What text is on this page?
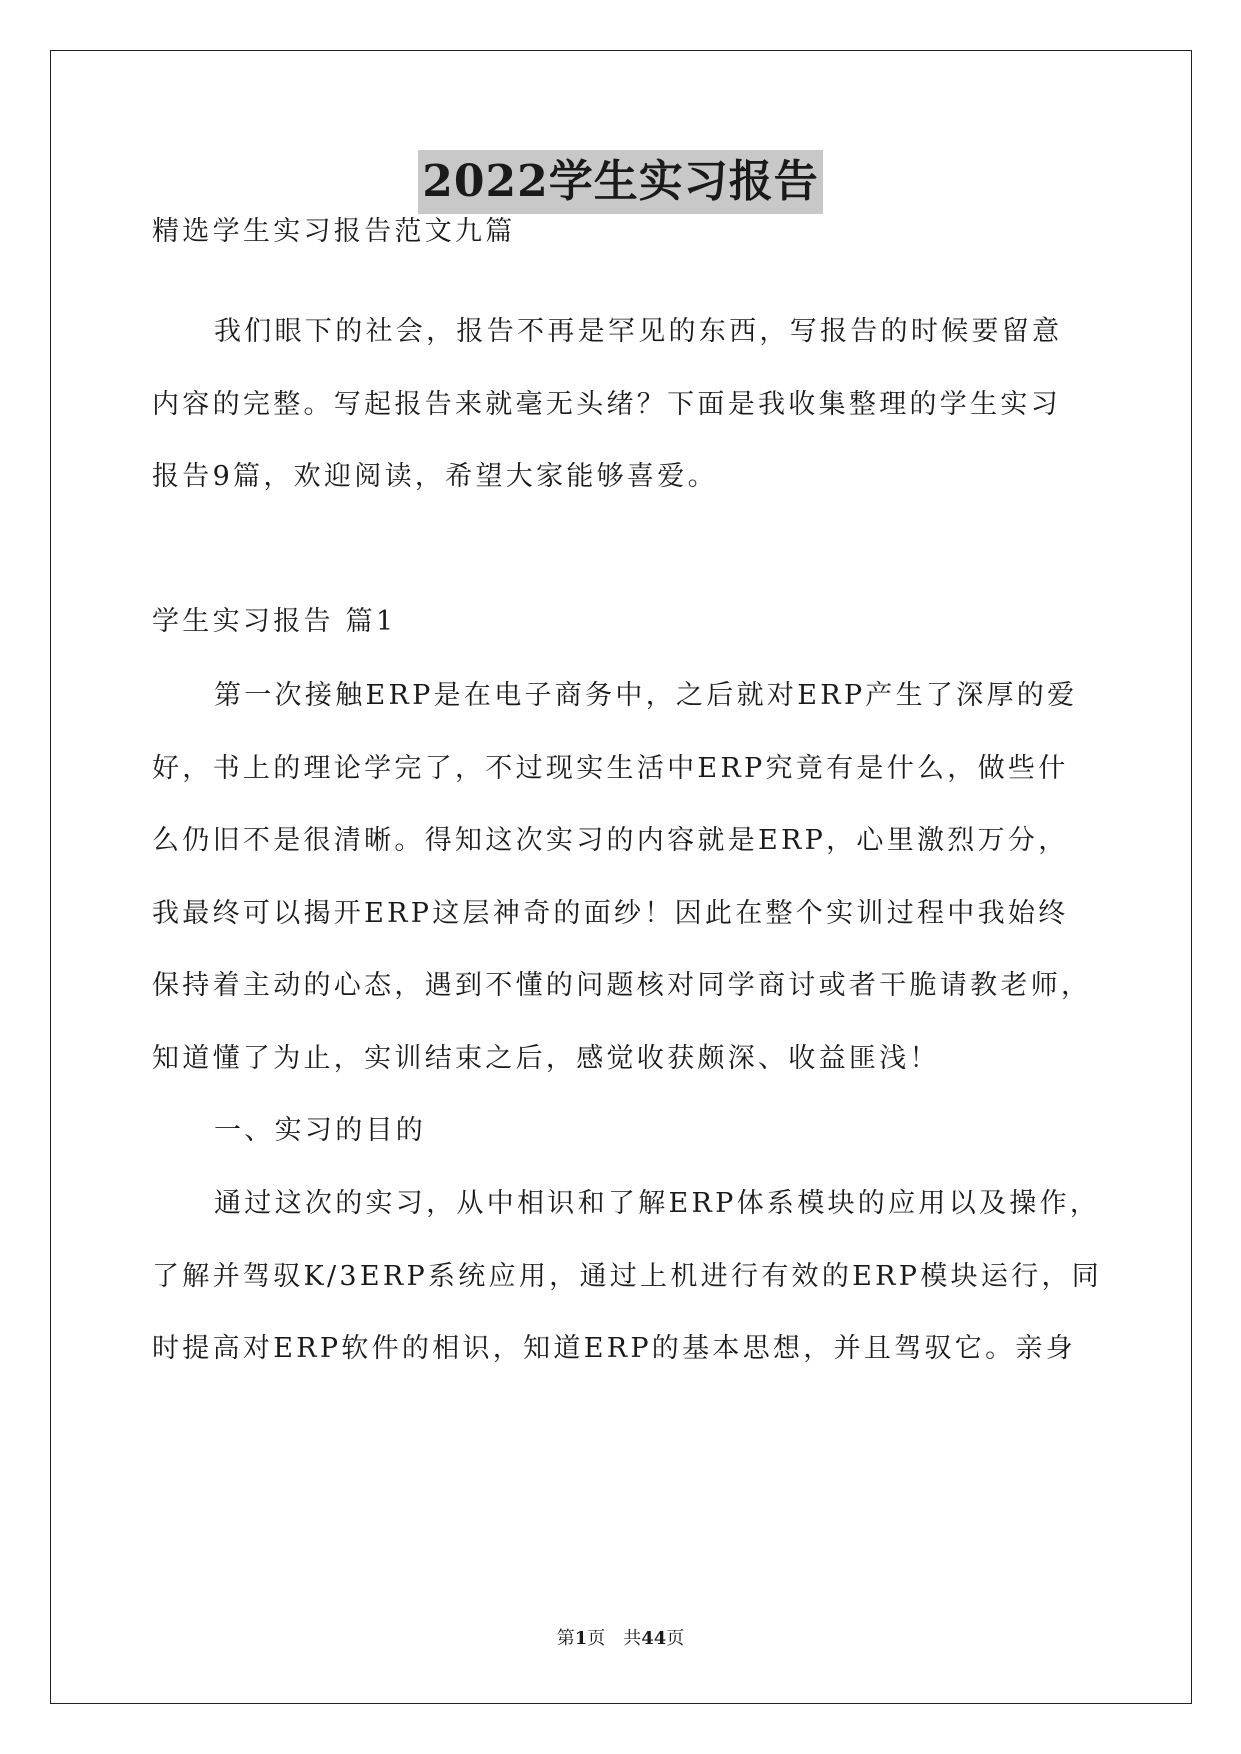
2022学生实习报告
精选学生实习报告范文九篇
我们眼下的社会，报告不再是罕见的东西，写报告的时候要留意
内容的完整。写起报告来就毫无头绪？下面是我收集整理的学生实习
报告9篇，欢迎阅读，希望大家能够喜爱。
学生实习报告 篇1
第一次接触ERP是在电子商务中，之后就对ERP产生了深厚的爱
好，书上的理论学完了，不过现实生活中ERP究竟有是什么，做些什
么仍旧不是很清晰。得知这次实习的内容就是ERP，心里激烈万分，
我最终可以揭开ERP这层神奇的面纱！因此在整个实训过程中我始终
保持着主动的心态，遇到不懂的问题核对同学商讨或者干脆请教老师，
知道懂了为止，实训结束之后，感觉收获颇深、收益匪浅！
一、实习的目的
通过这次的实习，从中相识和了解ERP体系模块的应用以及操作，
了解并驾驭K/3ERP系统应用，通过上机进行有效的ERP模块运行，同
时提高对ERP软件的相识，知道ERP的基本思想，并且驾驭它。亲身
第1页　共44页
